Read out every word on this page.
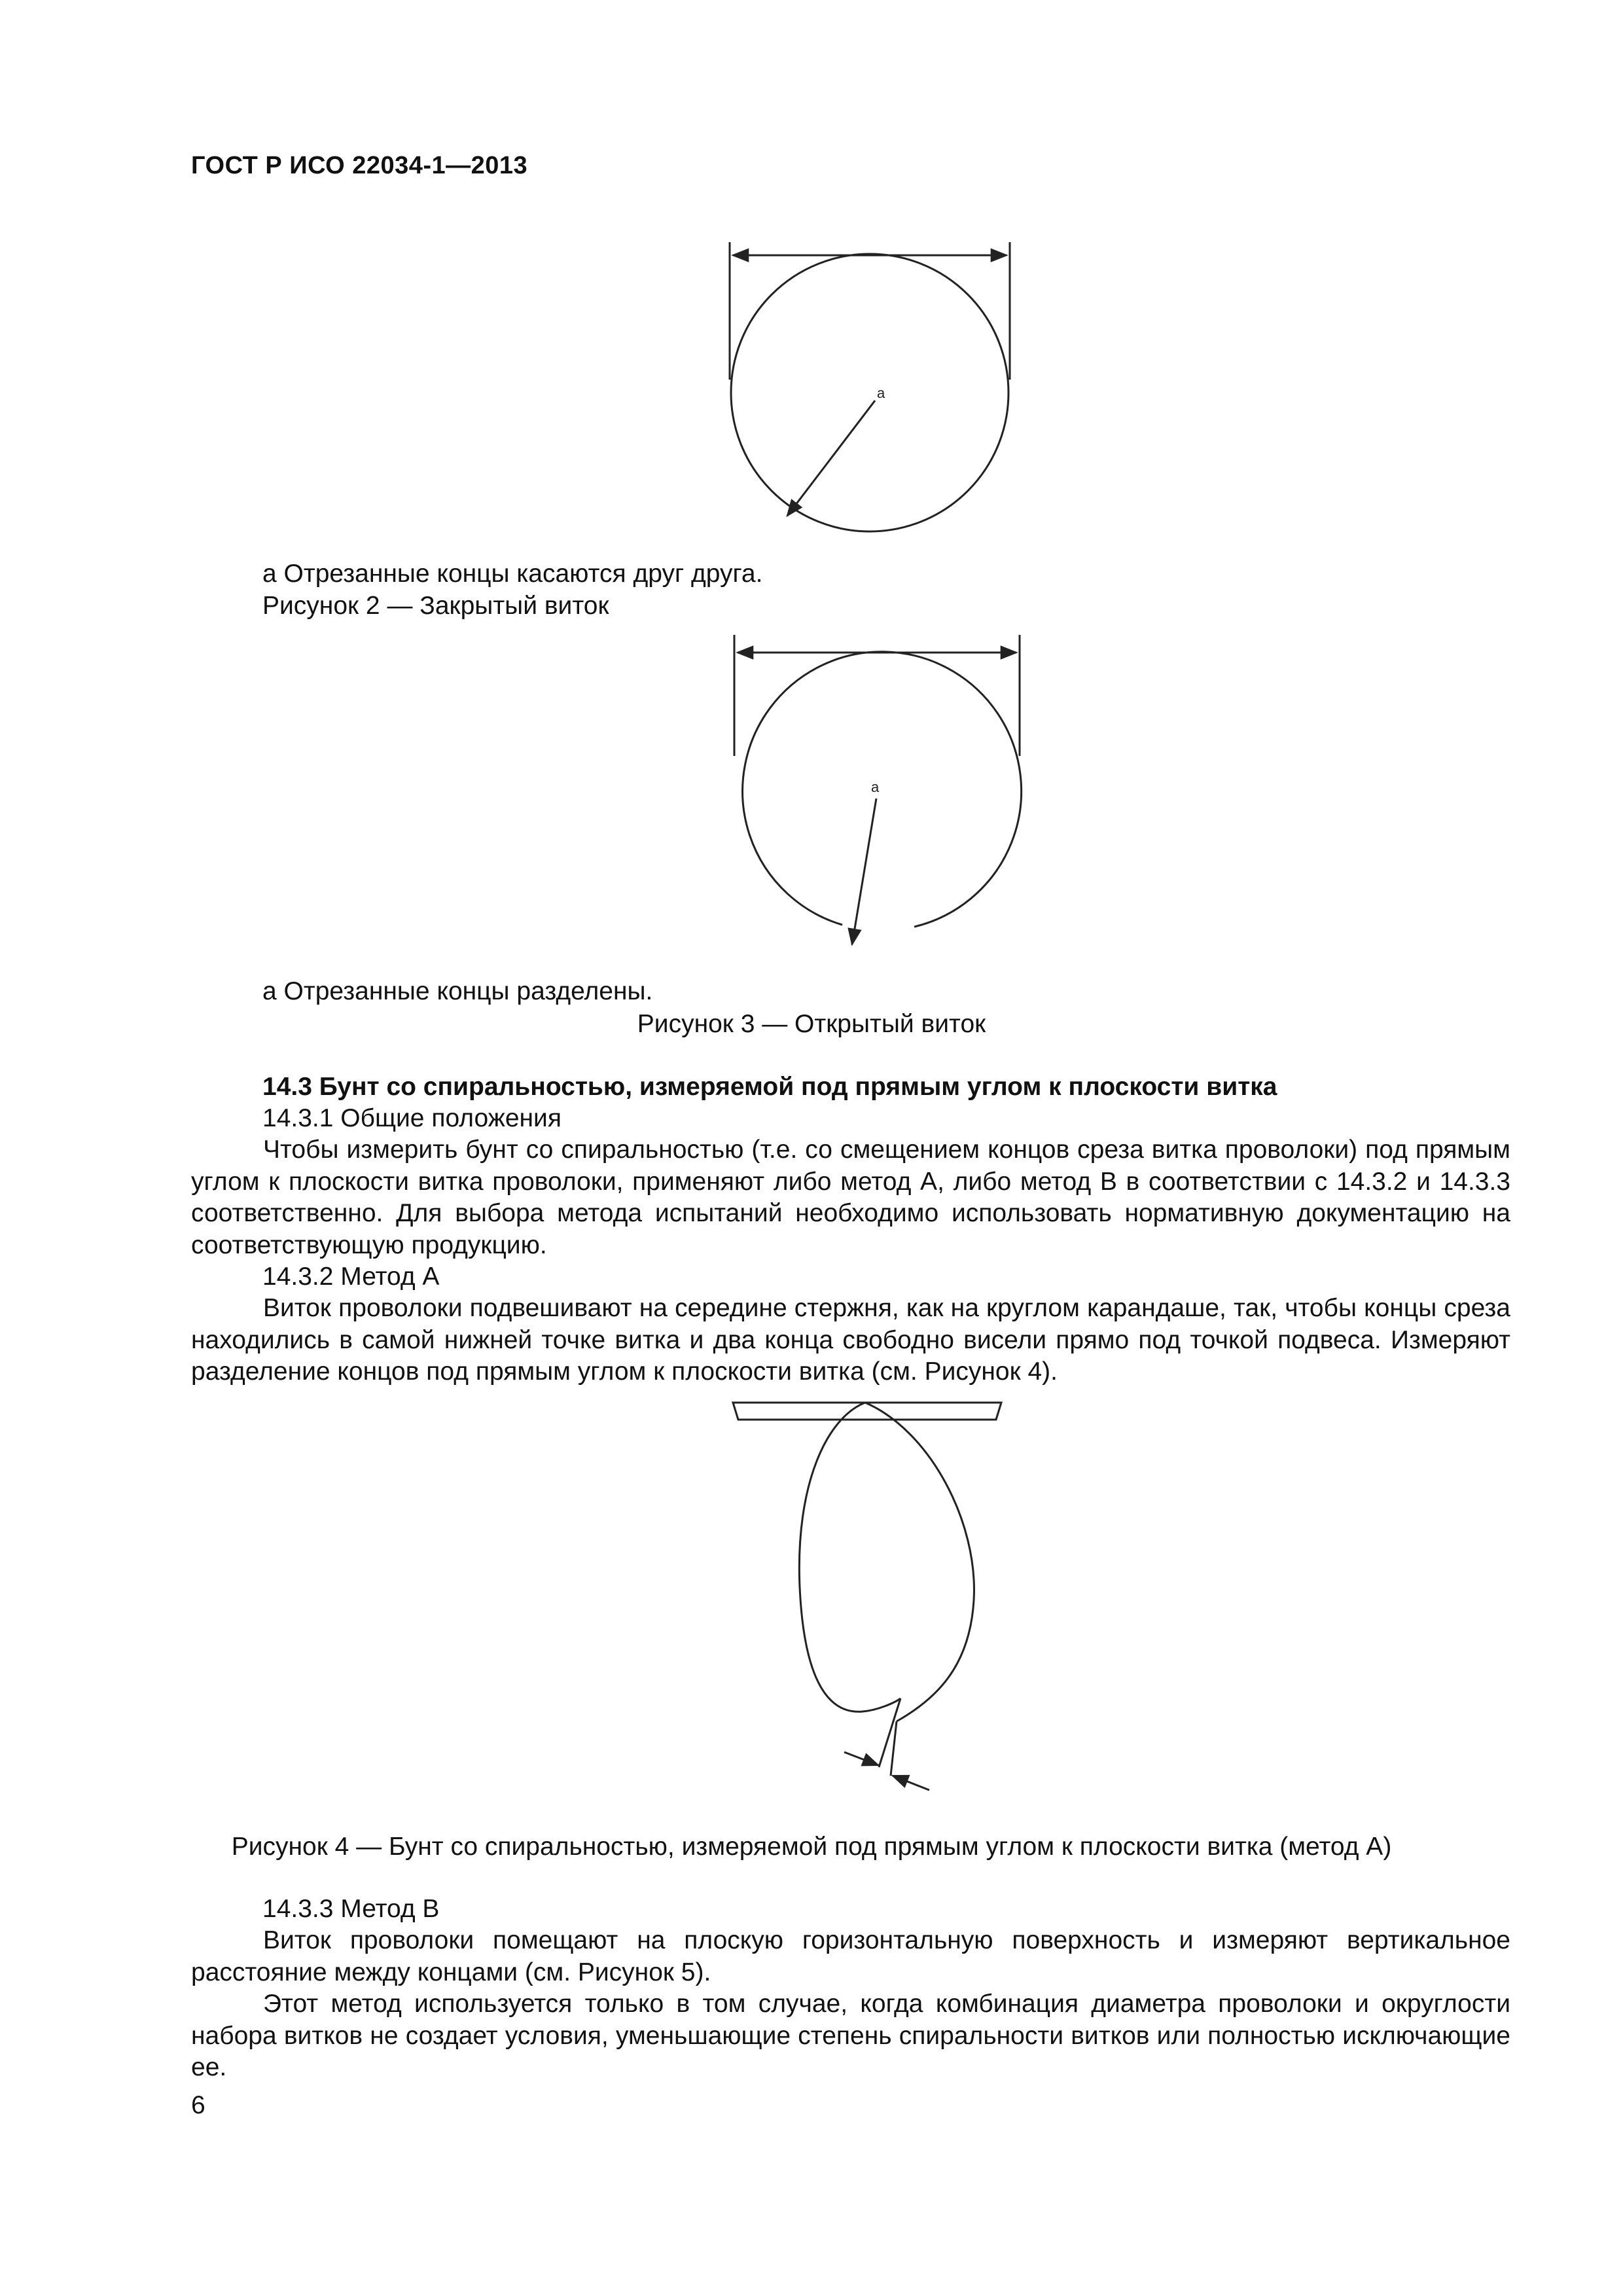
ГОСТ Р ИСО 22034-1—2013
a
a Отрезанные концы касаются друг друга.
Рисунок 2 — Закрытый виток
a
a Отрезанные концы разделены.
Рисунок 3 — Открытый виток
14.3 Бунт со спиральностью, измеряемой под прямым углом к плоскости витка
14.3.1 Общие положения
Чтобы измерить бунт со спиральностью (т.е. со смещением концов среза витка проволоки) под прямым углом к плоскости витка проволоки, применяют либо метод А, либо метод В в соответствии с 14.3.2 и 14.3.3 соответственно. Для выбора метода испытаний необходимо использовать нормативную документацию на соответствующую продукцию.
14.3.2 Метод А
Виток проволоки подвешивают на середине стержня, как на круглом карандаше, так, чтобы концы среза находились в самой нижней точке витка и два конца свободно висели прямо под точкой подвеса. Измеряют разделение концов под прямым углом к плоскости витка (см. Рисунок 4).
Рисунок 4 — Бунт со спиральностью, измеряемой под прямым углом к плоскости витка (метод А)
14.3.3 Метод В
Виток проволоки помещают на плоскую горизонтальную поверхность и измеряют вертикальное расстояние между концами (см. Рисунок 5).
Этот метод используется только в том случае, когда комбинация диаметра проволоки и округлости набора витков не создает условия, уменьшающие степень спиральности витков или полностью исключающие ее.
6
